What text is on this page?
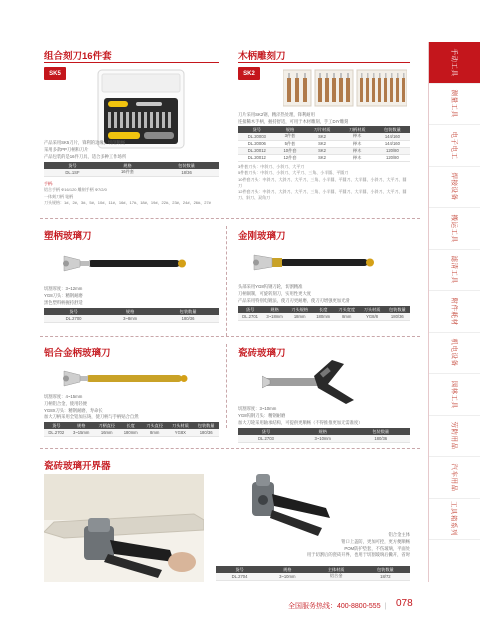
手动工具
测量工具
电子电工
焊接设备
搬运工具
滤清工具
附件耗材
机电设备
园林工具
劳防用品
汽车用品
工具箱系列
组合刻刀16件套
SK5
产品采用SK5刀片，锋利的边缘，切削顺畅
采用多款PP刀柄和刀片
产品包装的是16件刀具，适合多种工作场所
货号	规格	包装数量
DL.1SF	16件套	18/36
手柄:
铝合手柄 Φ16/120 雕刻手柄 Φ7/2/0
一体刻刀柄 笔柄
刀头规格：1#、2#、3#、5#、10#、11#、16#、17#、18#、19#、22#、23#、24#、26#、27#
木柄雕刻刀
SK2
刀片采用SK2钢，精淬热处理，锋利耐用
连接稀木手柄，握持舒适，可用于木材雕刻，手工DIY雕刻
货号	规格	刀片材质	刀柄材质	包装数量
DL.20003	3件套	SK2	榉木	144/160
DL.20006	5件套	SK2	榉木	144/160
DL.20012	10件套	SK2	榉木	120/80
DL.20012	12件套	SK2	榉木	120/80
3件套刀头：中斜刀、小斜刀、大平刀
5件套刀头：中斜刀、小斜刀、大平刀、三角、小半圆、平圆刀
10件套刀头：中斜刀、大斜刀、大平刀、三角、小半圆、平圆刀、大半圆、小斜刀、大平刀、圆刀
12件套刀头：中斜刀、大斜刀、大平刀、三角、小半圆、平圆刀、大半圆、小斜刀、大平刀、圆刀、斜刀、双角刀
塑柄玻璃刀
切割厚度：3~12mm
YG8刀头：精钢耐磨
黑色塑料柄握持舒适
货号	规格	包装数量
DL.2700	3~8mm	180/36
金刚玻璃刀
头部采用YG8钨钢刀轮，切割精准
刀柄铜制，可旋转刻刀，实用性更大度
产品采用特别电镀法，使刀刃更耐磨，使刀刃增强更加光滑
货号	规格	刀头规格	长度	刀头宽度	刀头材质	包装数量
DL.2701	3~18mm	18mm	180mm	8mm	YG8/8	180/36
铝合金柄玻璃刀
切割厚度：4~15mm
刀柄铝合金，使用轻便
YG8X刀头：精钢耐磨，寿命长
加大刀柄采用全铝加压铸，使刀柄与手柄贴合自然
货号	规格	刀柄直径	长度	刀头直径	刀头材质	包装数量
DL.2702	3~15mm	16mm	180mm	8mm	YG8X	180/36
瓷砖玻璃刀
切割厚度：3~10mm
YG8钨钢刀头：精钢耐磨
加大刀轮采用轴承结构，可提供更顺畅（不得推推更加无需准度）
货号	规格	包装数量
DL.2703	3~10mm	180/36
瓷砖玻璃开界器
铝合金主体
钳口上盖防，更加可控，更方便顺畅
POM防护垫套，不伤玻璃，平面处
用于切割后的瓷砖开界，也用于切割玻璃后撇开，省时
货号	规格	主体材质	包装数量
DL.2704	3~10mm	铝合金	18/72
全国服务热线：400-8800-555 | 078
